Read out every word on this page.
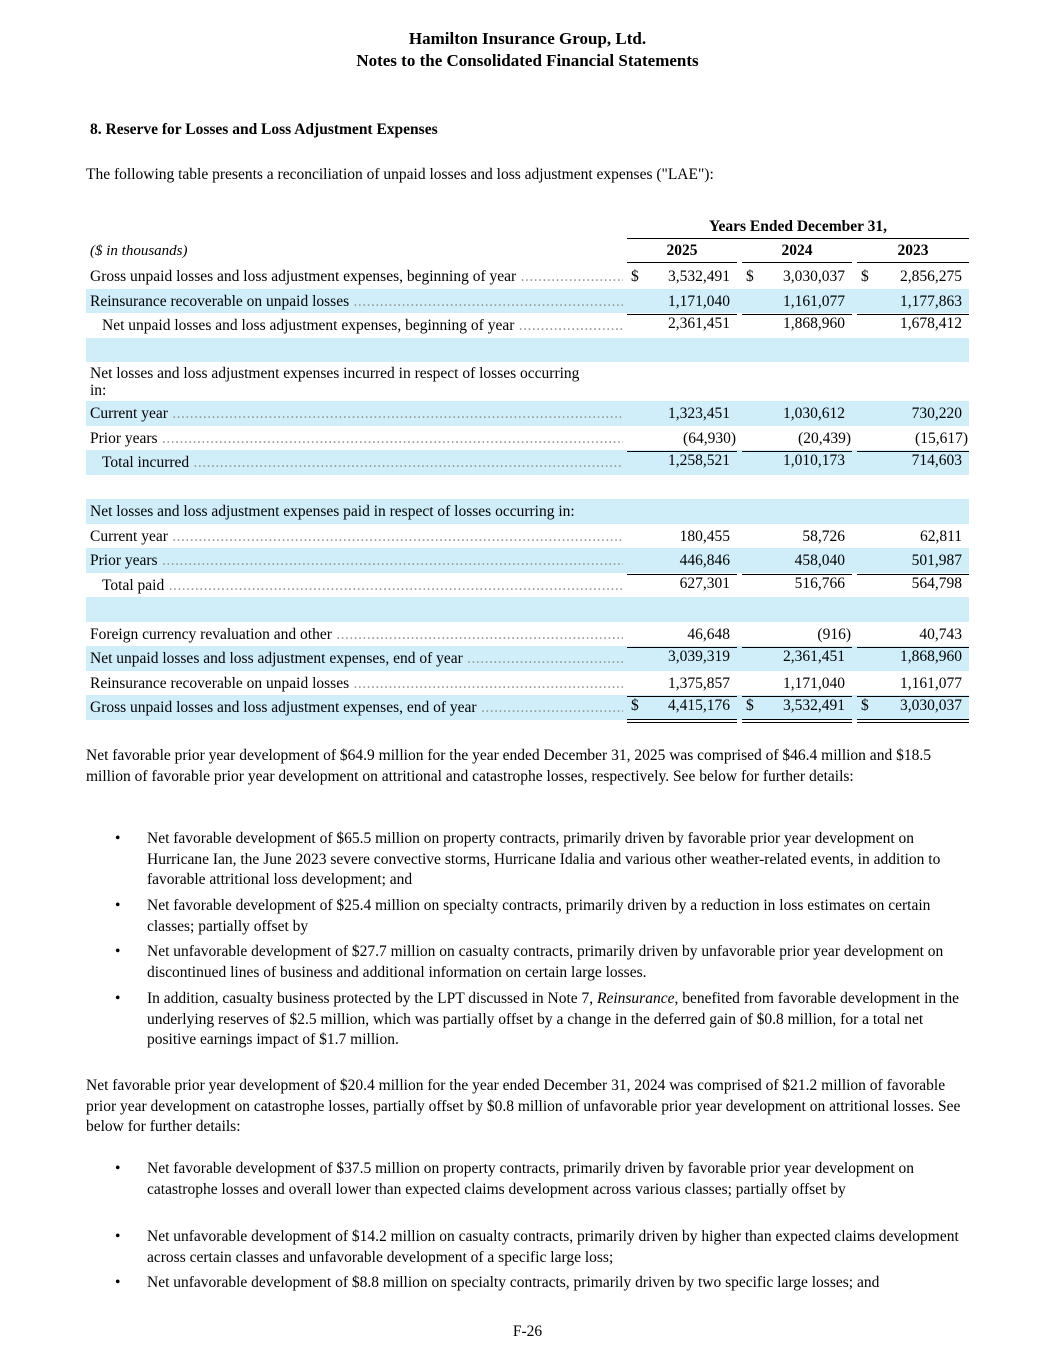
Hamilton Insurance Group, Ltd.
Notes to the Consolidated Financial Statements
8. Reserve for Losses and Loss Adjustment Expenses
The following table presents a reconciliation of unpaid losses and loss adjustment expenses ("LAE"):
Years Ended December 31,
($ in thousands)	2025	2024	2023
Gross unpaid losses and loss adjustment expenses, beginning of year .....	$ 3,532,491 $ 3,030,037 $ 2,856,275
Reinsurance recoverable on unpaid losses .....	1,171,040	1,161,077	1,177,863
Net unpaid losses and loss adjustment expenses, beginning of year .....	2,361,451	1,868,960	1,678,412
Net losses and loss adjustment expenses incurred in respect of losses occurring in:
Current year .....	1,323,451	1,030,612	730,220
Prior years .....	(64,930)	(20,439)	(15,617)
Total incurred .....	1,258,521	1,010,173	714,603
Net losses and loss adjustment expenses paid in respect of losses occurring in:
Current year .....	180,455	58,726	62,811
Prior years .....	446,846	458,040	501,987
Total paid .....	627,301	516,766	564,798
Foreign currency revaluation and other .....	46,648	(916)	40,743
Net unpaid losses and loss adjustment expenses, end of year .....	3,039,319	2,361,451	1,868,960
Reinsurance recoverable on unpaid losses .....	1,375,857	1,171,040	1,161,077
Gross unpaid losses and loss adjustment expenses, end of year .....	$ 4,415,176 $ 3,532,491 $ 3,030,037
Net favorable prior year development of $64.9 million for the year ended December 31, 2025 was comprised of $46.4 million and $18.5 million of favorable prior year development on attritional and catastrophe losses, respectively. See below for further details:
• Net favorable development of $65.5 million on property contracts, primarily driven by favorable prior year development on Hurricane Ian, the June 2023 severe convective storms, Hurricane Idalia and various other weather-related events, in addition to favorable attritional loss development; and
• Net favorable development of $25.4 million on specialty contracts, primarily driven by a reduction in loss estimates on certain classes; partially offset by
• Net unfavorable development of $27.7 million on casualty contracts, primarily driven by unfavorable prior year development on discontinued lines of business and additional information on certain large losses.
• In addition, casualty business protected by the LPT discussed in Note 7, Reinsurance, benefited from favorable development in the underlying reserves of $2.5 million, which was partially offset by a change in the deferred gain of $0.8 million, for a total net positive earnings impact of $1.7 million.
Net favorable prior year development of $20.4 million for the year ended December 31, 2024 was comprised of $21.2 million of favorable prior year development on catastrophe losses, partially offset by $0.8 million of unfavorable prior year development on attritional losses. See below for further details:
• Net favorable development of $37.5 million on property contracts, primarily driven by favorable prior year development on catastrophe losses and overall lower than expected claims development across various classes; partially offset by
• Net unfavorable development of $14.2 million on casualty contracts, primarily driven by higher than expected claims development across certain classes and unfavorable development of a specific large loss;
• Net unfavorable development of $8.8 million on specialty contracts, primarily driven by two specific large losses; and
F-26
